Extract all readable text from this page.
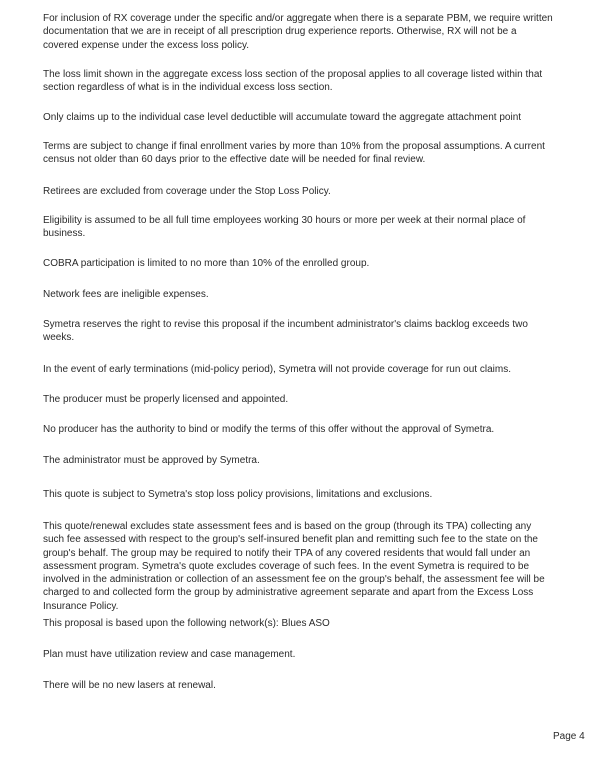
For inclusion of RX coverage under the specific and/or aggregate when there is a separate PBM, we require written documentation that we are in receipt of all prescription drug experience reports. Otherwise, RX will not be a covered expense under the excess loss policy.

The loss limit shown in the aggregate excess loss section of the proposal applies to all coverage listed within that section regardless of what is in the individual excess loss section.

Only claims up to the individual case level deductible will accumulate toward the aggregate attachment point

Terms are subject to change if final enrollment varies by more than 10% from the proposal assumptions. A current census not older than 60 days prior to the effective date will be needed for final review.

Retirees are excluded from coverage under the Stop Loss Policy.

Eligibility is assumed to be all full time employees working 30 hours or more per week at their normal place of business.

COBRA participation is limited to no more than 10% of the enrolled group.

Network fees are ineligible expenses.

Symetra reserves the right to revise this proposal if the incumbent administrator's claims backlog exceeds two weeks.

In the event of early terminations (mid-policy period), Symetra will not provide coverage for run out claims.

The producer must be properly licensed and appointed.

No producer has the authority to bind or modify the terms of this offer without the approval of Symetra.

The administrator must be approved by Symetra.

This quote is subject to Symetra's stop loss policy provisions, limitations and exclusions.

This quote/renewal excludes state assessment fees and is based on the group (through its TPA) collecting any such fee assessed with respect to the group's self-insured benefit plan and remitting such fee to the state on the group's behalf. The group may be required to notify their TPA of any covered residents that would fall under an assessment program. Symetra's quote excludes coverage of such fees. In the event Symetra is required to be involved in the administration or collection of an assessment fee on the group's behalf, the assessment fee will be charged to and collected form the group by administrative agreement separate and apart from the Excess Loss Insurance Policy.

This proposal is based upon the following network(s): Blues ASO

Plan must have utilization review and case management.

There will be no new lasers at renewal.

Page 4
